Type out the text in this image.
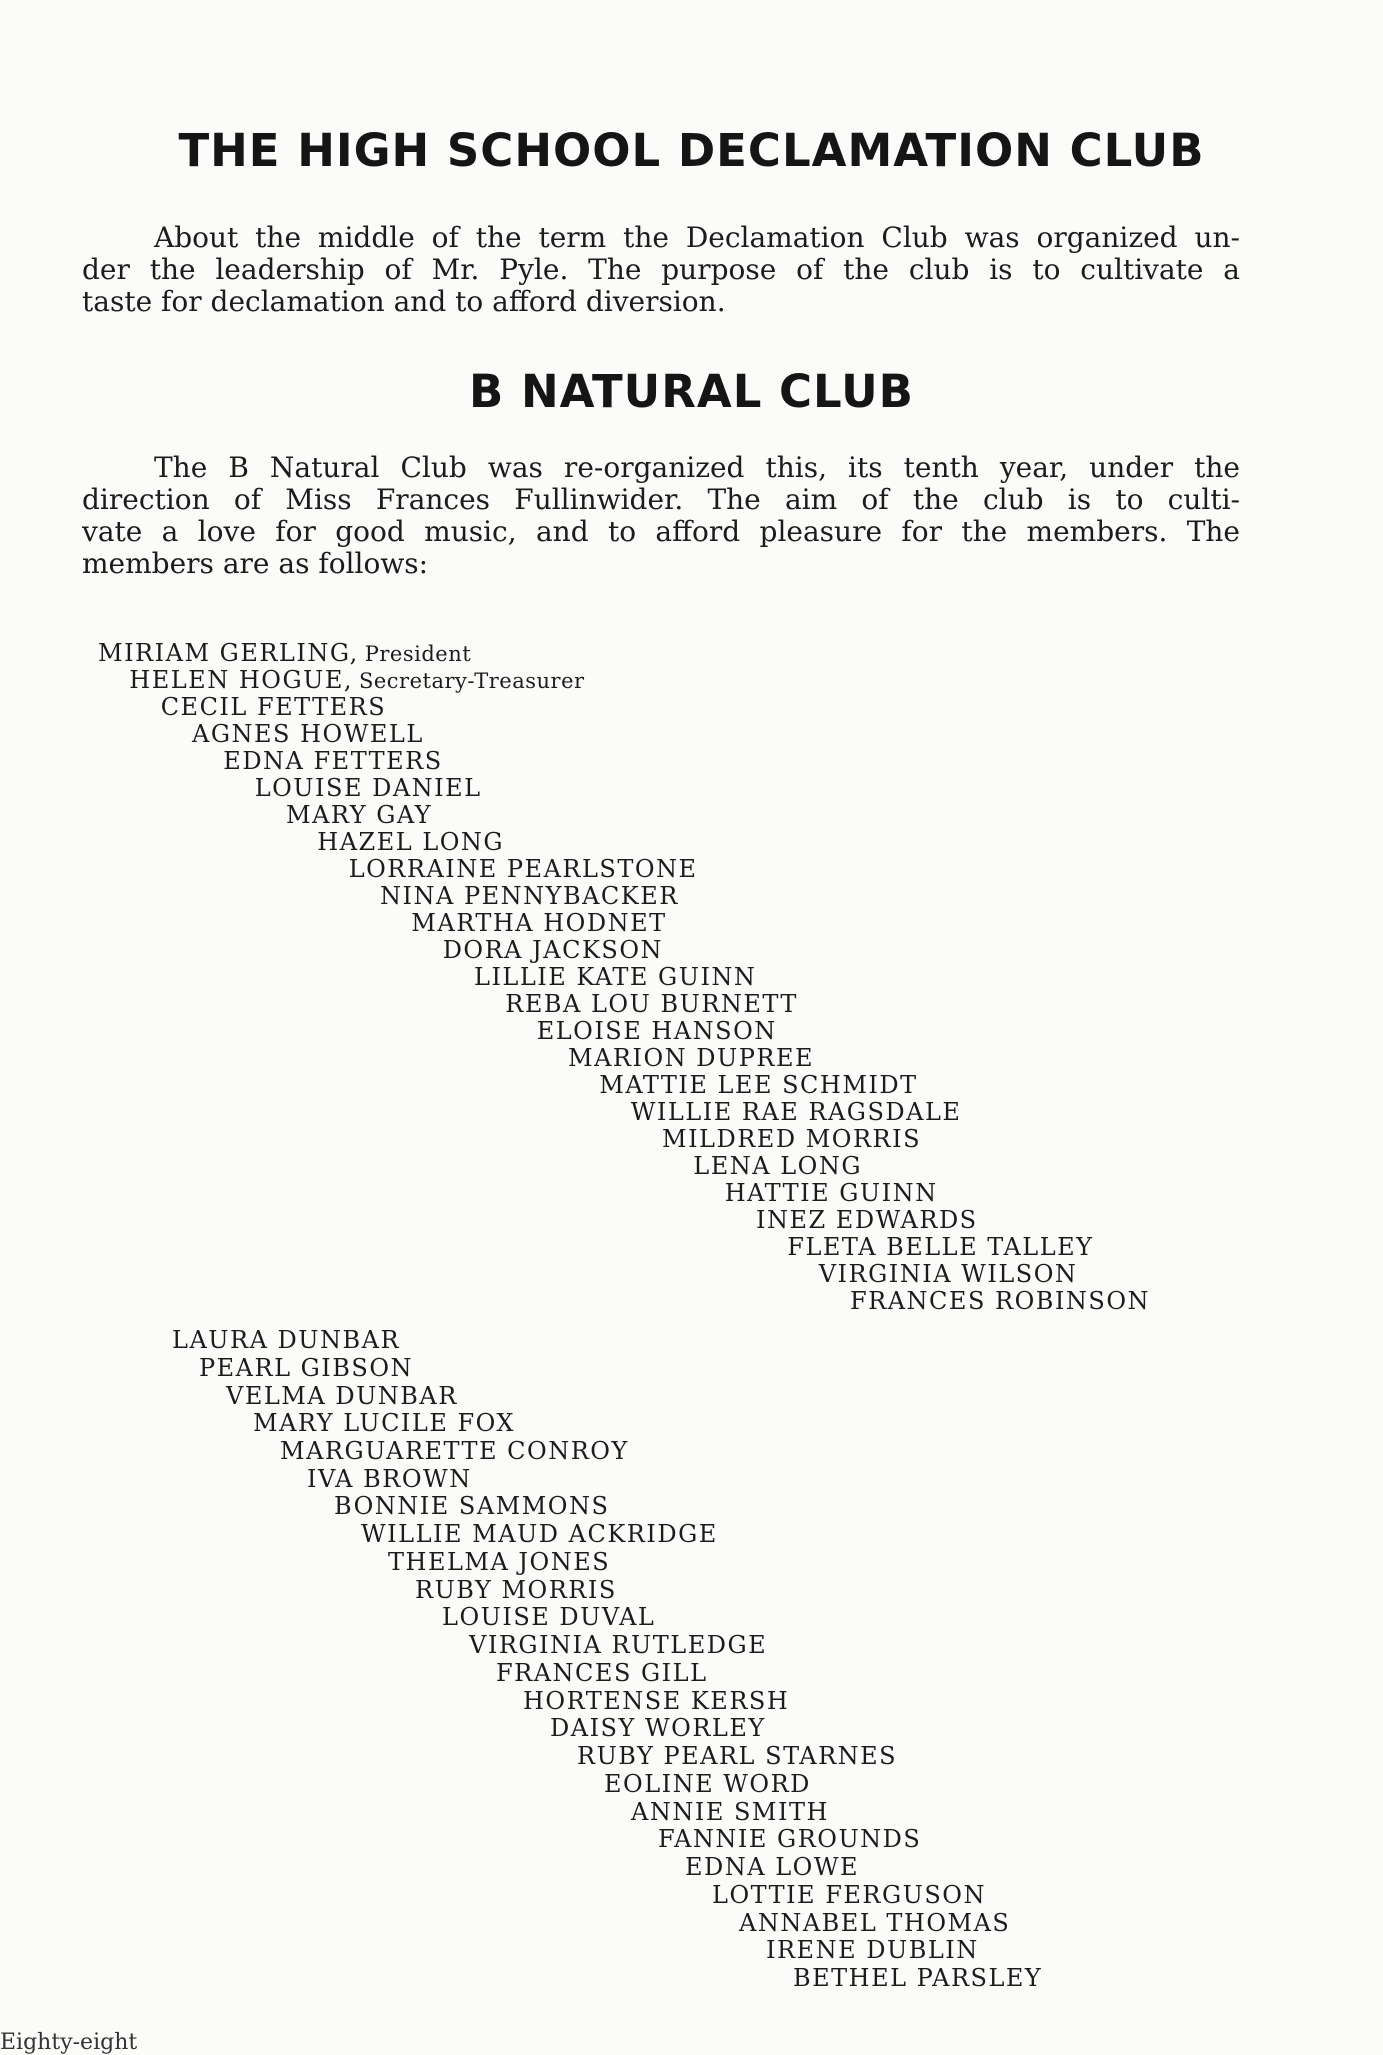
THE HIGH SCHOOL DECLAMATION CLUB
About the middle of the term the Declamation Club was organized un-
der the leadership of Mr. Pyle. The purpose of the club is to cultivate a
taste for declamation and to afford diversion.
B NATURAL CLUB
The B Natural Club was re-organized this, its tenth year, under the
direction of Miss Frances Fullinwider. The aim of the club is to culti-
vate a love for good music, and to afford pleasure for the members. The
members are as follows:
MIRIAM GERLING, President
HELEN HOGUE, Secretary-Treasurer
CECIL FETTERS
AGNES HOWELL
EDNA FETTERS
LOUISE DANIEL
MARY GAY
HAZEL LONG
LORRAINE PEARLSTONE
NINA PENNYBACKER
MARTHA HODNET
DORA JACKSON
LILLIE KATE GUINN
REBA LOU BURNETT
ELOISE HANSON
MARION DUPREE
MATTIE LEE SCHMIDT
WILLIE RAE RAGSDALE
MILDRED MORRIS
LENA LONG
HATTIE GUINN
INEZ EDWARDS
FLETA BELLE TALLEY
VIRGINIA WILSON
FRANCES ROBINSON
LAURA DUNBAR
PEARL GIBSON
VELMA DUNBAR
MARY LUCILE FOX
MARGUARETTE CONROY
IVA BROWN
BONNIE SAMMONS
WILLIE MAUD ACKRIDGE
THELMA JONES
RUBY MORRIS
LOUISE DUVAL
VIRGINIA RUTLEDGE
FRANCES GILL
HORTENSE KERSH
DAISY WORLEY
RUBY PEARL STARNES
EOLINE WORD
ANNIE SMITH
FANNIE GROUNDS
EDNA LOWE
LOTTIE FERGUSON
ANNABEL THOMAS
IRENE DUBLIN
BETHEL PARSLEY

Eighty-eight
